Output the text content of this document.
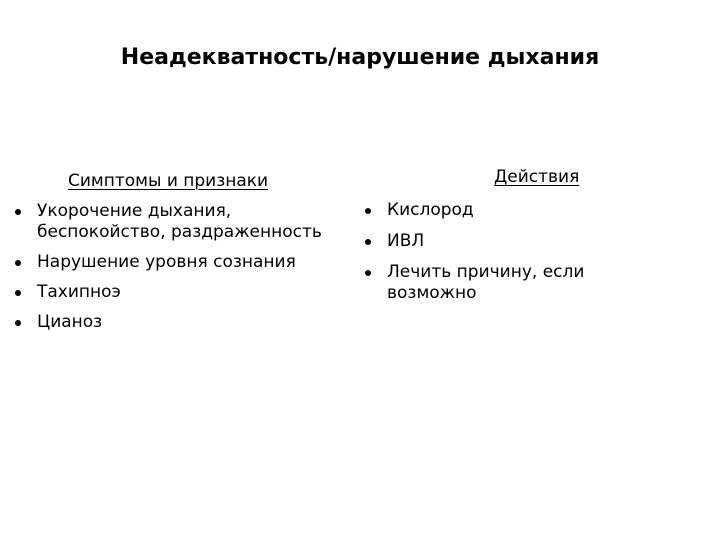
Неадекватность/нарушение дыхания
Симптомы и признаки
Укорочение дыхания, беспокойство, раздраженность
Нарушение уровня сознания
Тахипноэ
Цианоз
Действия
Кислород
ИВЛ
Лечить причину, если возможно
